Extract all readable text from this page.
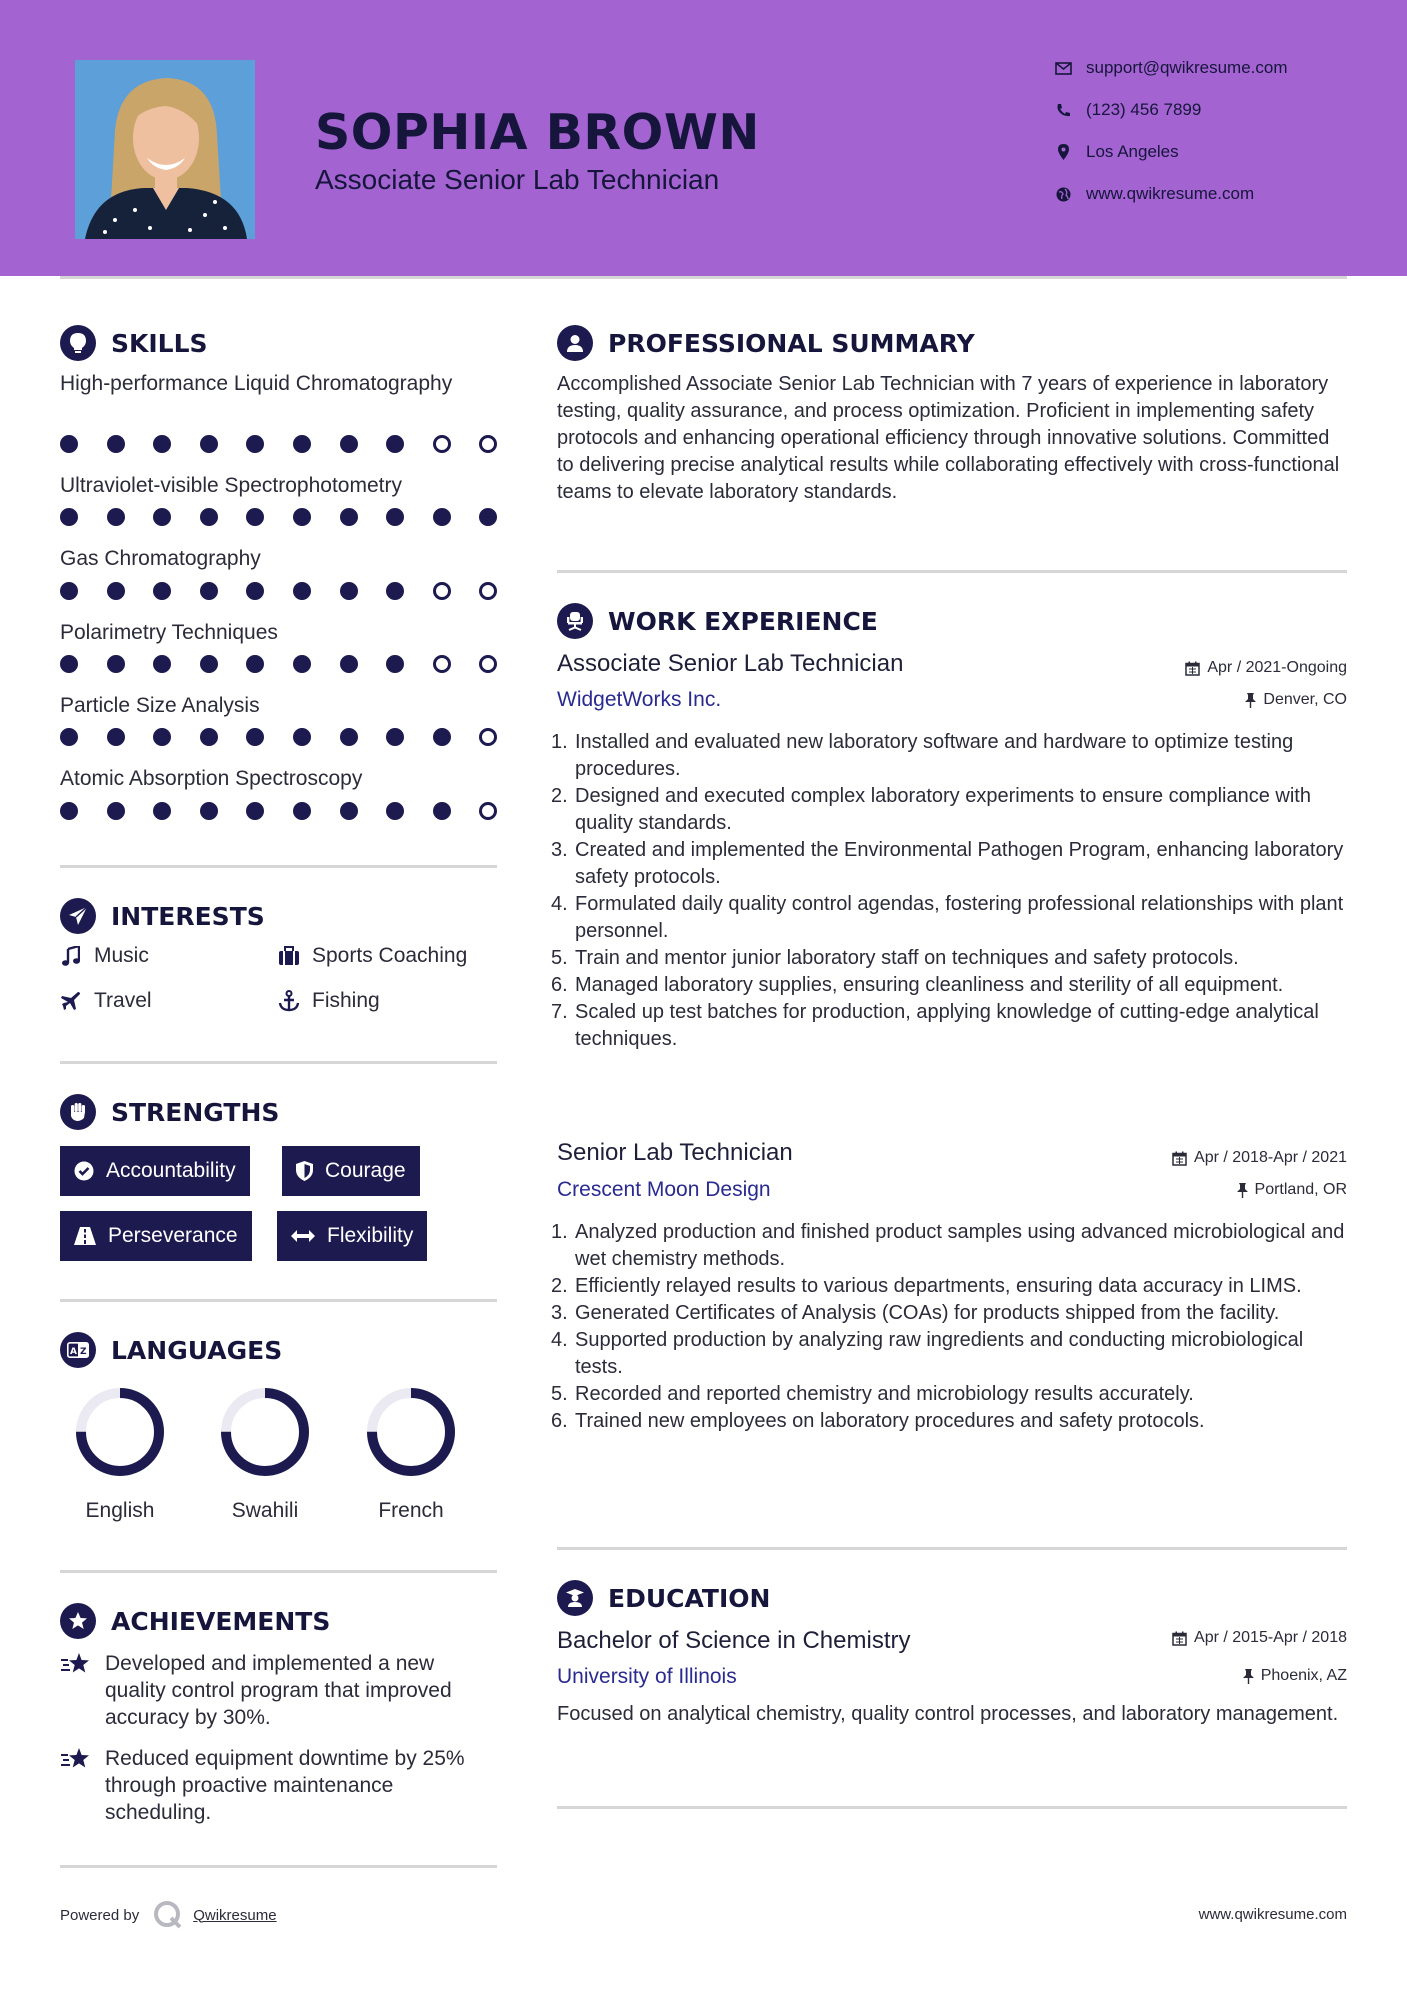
SOPHIA BROWN
Associate Senior Lab Technician
support@qwikresume.com
(123) 456 7899
Los Angeles
www.qwikresume.com
SKILLS
High-performance Liquid Chromatography
Ultraviolet-visible Spectrophotometry
Gas Chromatography
Polarimetry Techniques
Particle Size Analysis
Atomic Absorption Spectroscopy
INTERESTS
Music	Sports Coaching
Travel	Fishing
STRENGTHS
Accountability	Courage
Perseverance	Flexibility
A Z LANGUAGES
English	Swahili	French
ACHIEVEMENTS
Developed and implemented a new quality control program that improved accuracy by 30%.
Reduced equipment downtime by 25% through proactive maintenance scheduling.
PROFESSIONAL SUMMARY
Accomplished Associate Senior Lab Technician with 7 years of experience in laboratory testing, quality assurance, and process optimization. Proficient in implementing safety protocols and enhancing operational efficiency through innovative solutions. Committed to delivering precise analytical results while collaborating effectively with cross-functional teams to elevate laboratory standards.
WORK EXPERIENCE
Associate Senior Lab Technician	Apr / 2021-Ongoing
WidgetWorks Inc.	Denver, CO
1. Installed and evaluated new laboratory software and hardware to optimize testing procedures.
2. Designed and executed complex laboratory experiments to ensure compliance with quality standards.
3. Created and implemented the Environmental Pathogen Program, enhancing laboratory safety protocols.
4. Formulated daily quality control agendas, fostering professional relationships with plant personnel.
5. Train and mentor junior laboratory staff on techniques and safety protocols.
6. Managed laboratory supplies, ensuring cleanliness and sterility of all equipment.
7. Scaled up test batches for production, applying knowledge of cutting-edge analytical techniques.
Senior Lab Technician	Apr / 2018-Apr / 2021
Crescent Moon Design	Portland, OR
1. Analyzed production and finished product samples using advanced microbiological and wet chemistry methods.
2. Efficiently relayed results to various departments, ensuring data accuracy in LIMS.
3. Generated Certificates of Analysis (COAs) for products shipped from the facility.
4. Supported production by analyzing raw ingredients and conducting microbiological tests.
5. Recorded and reported chemistry and microbiology results accurately.
6. Trained new employees on laboratory procedures and safety protocols.
EDUCATION
Bachelor of Science in Chemistry	Apr / 2015-Apr / 2018
University of Illinois	Phoenix, AZ
Focused on analytical chemistry, quality control processes, and laboratory management.
Powered by	Qwikresume	www.qwikresume.com
